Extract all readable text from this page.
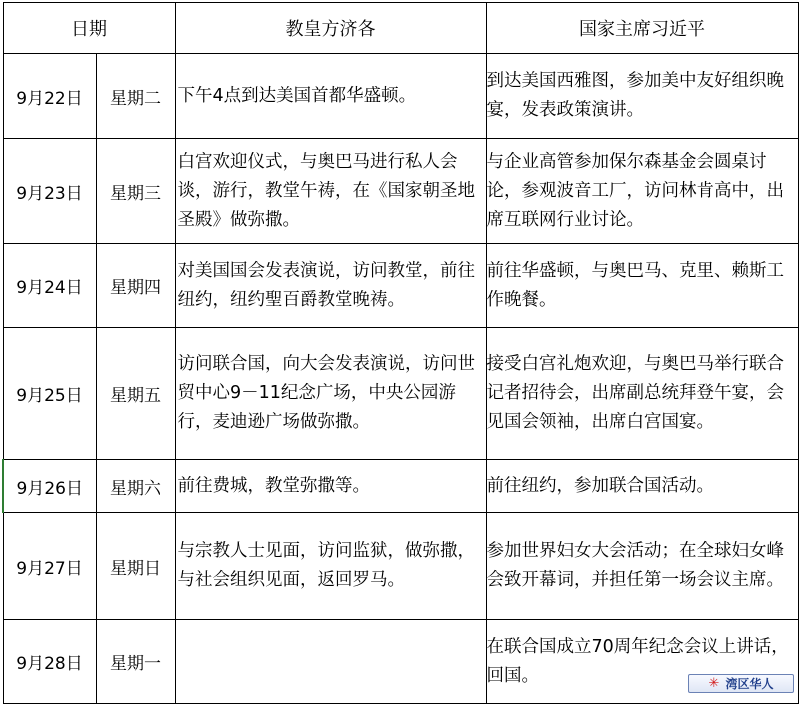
日期		教皇方济各	国家主席习近平
9月22日	星期二	下午4点到达美国首都华盛顿。	到达美国西雅图，参加美中友好组织晚宴，发表政策演讲。
9月23日	星期三	白宫欢迎仪式，与奥巴马进行私人会谈，游行，教堂午祷，在《国家朝圣地圣殿》做弥撒。	与企业高管参加保尔森基金会圆桌讨论，参观波音工厂，访问林肯高中，出席互联网行业讨论。
9月24日	星期四	对美国国会发表演说，访问教堂，前往纽约，纽约聖百爵教堂晚祷。	前往华盛顿，与奥巴马、克里、赖斯工作晚餐。
9月25日	星期五	访问联合国，向大会发表演说，访问世贸中心9－11纪念广场，中央公园游行，麦迪逊广场做弥撒。	接受白宫礼炮欢迎，与奥巴马举行联合记者招待会，出席副总统拜登午宴，会见国会领袖，出席白宫国宴。
9月26日	星期六	前往费城，教堂弥撒等。	前往纽约，参加联合国活动。
9月27日	星期日	与宗教人士见面，访问监狱，做弥撒，与社会组织见面，返回罗马。	参加世界妇女大会活动；在全球妇女峰会致开幕词，并担任第一场会议主席。
9月28日	星期一		在联合国成立70周年纪念会议上讲话，回国。	✳ 湾区华人
